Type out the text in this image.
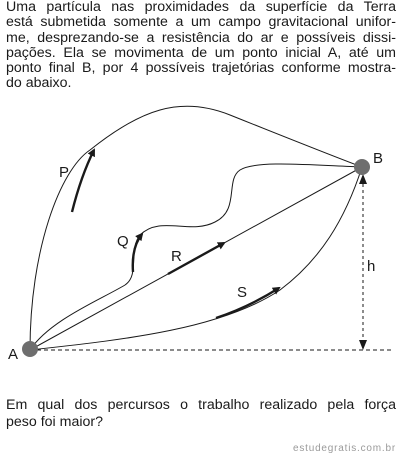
Uma partícula nas proximidades da superfície da Terra
está submetida somente a um campo gravitacional unifor-
me, desprezando-se a resistência do ar e possíveis dissi-
pações. Ela se movimenta de um ponto inicial A, até um
ponto final B, por 4 possíveis trajetórias conforme mostra-
do abaixo.
A
B
h
P
Q
R
S
Em qual dos percursos o trabalho realizado pela força
peso foi maior?
estudegratis.com.br
